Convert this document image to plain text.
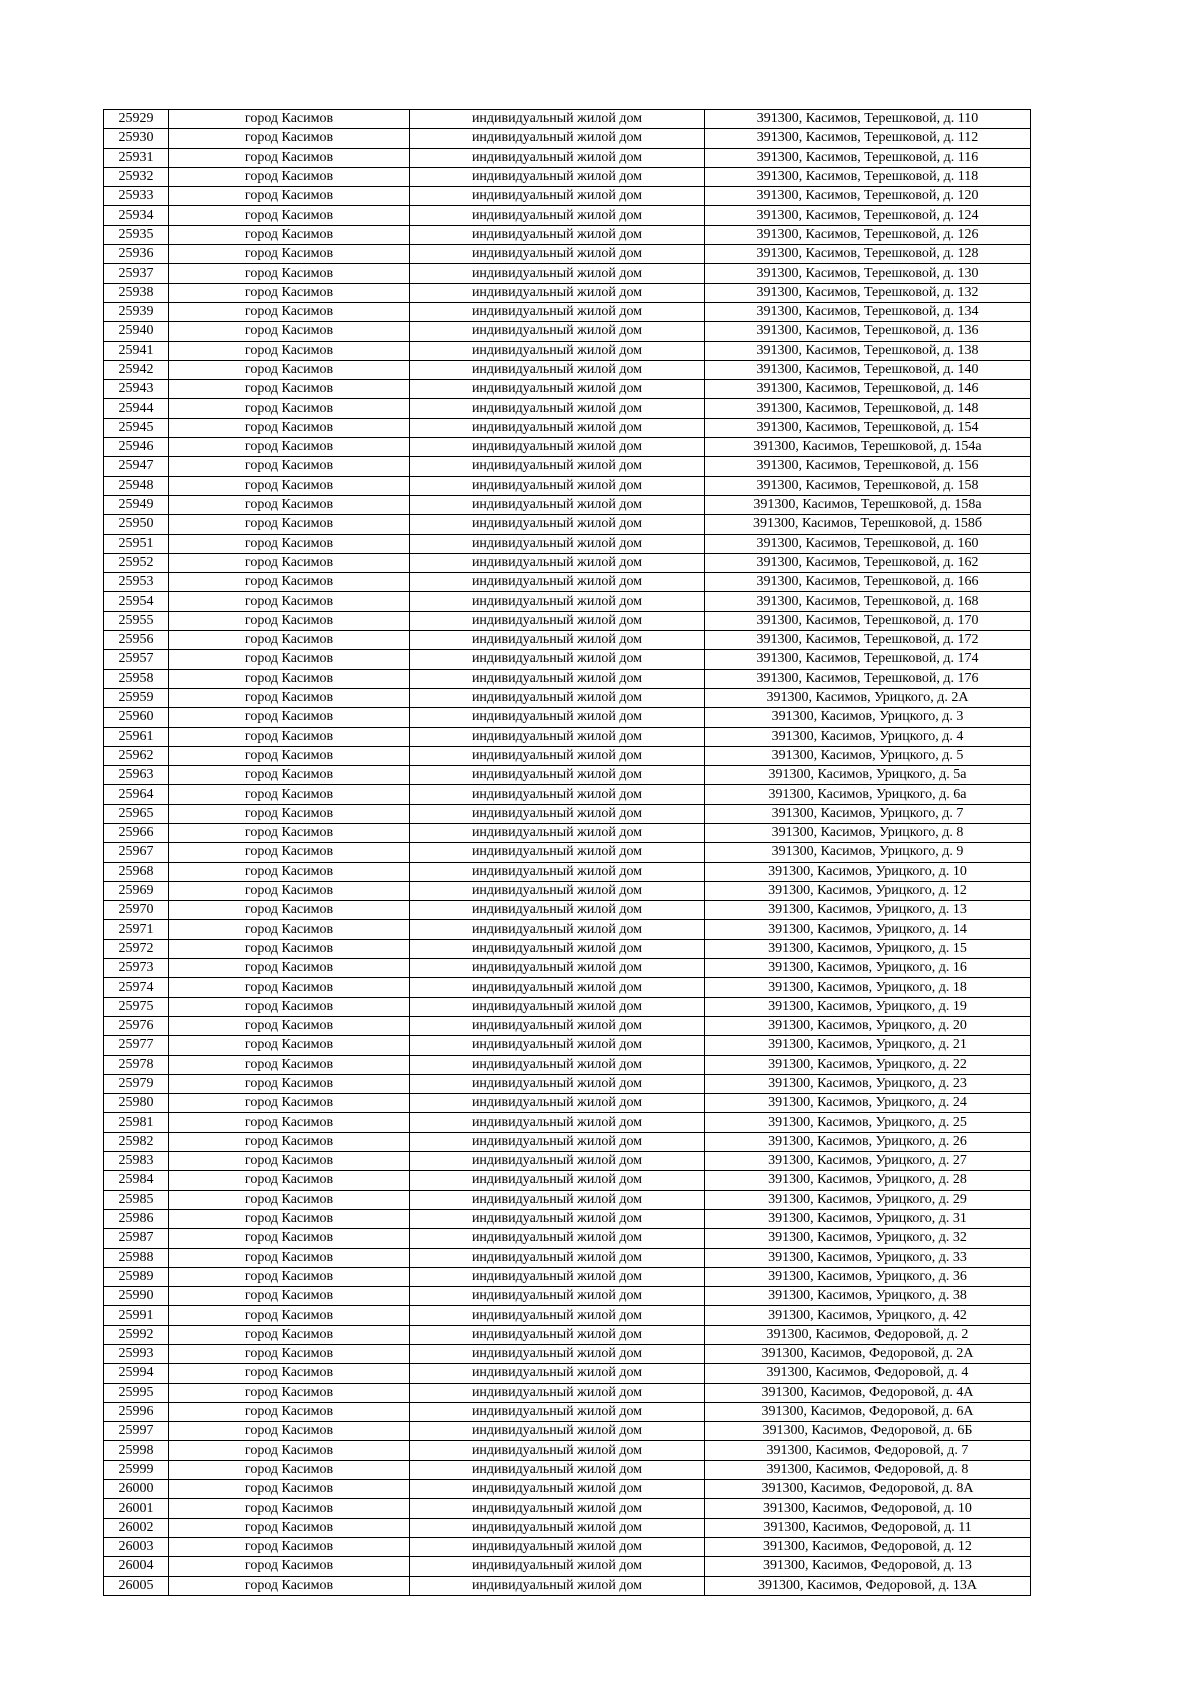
25929	город Касимов	индивидуальный жилой дом	391300, Касимов, Терешковой, д. 110
25930	город Касимов	индивидуальный жилой дом	391300, Касимов, Терешковой, д. 112
25931	город Касимов	индивидуальный жилой дом	391300, Касимов, Терешковой, д. 116
25932	город Касимов	индивидуальный жилой дом	391300, Касимов, Терешковой, д. 118
25933	город Касимов	индивидуальный жилой дом	391300, Касимов, Терешковой, д. 120
25934	город Касимов	индивидуальный жилой дом	391300, Касимов, Терешковой, д. 124
25935	город Касимов	индивидуальный жилой дом	391300, Касимов, Терешковой, д. 126
25936	город Касимов	индивидуальный жилой дом	391300, Касимов, Терешковой, д. 128
25937	город Касимов	индивидуальный жилой дом	391300, Касимов, Терешковой, д. 130
25938	город Касимов	индивидуальный жилой дом	391300, Касимов, Терешковой, д. 132
25939	город Касимов	индивидуальный жилой дом	391300, Касимов, Терешковой, д. 134
25940	город Касимов	индивидуальный жилой дом	391300, Касимов, Терешковой, д. 136
25941	город Касимов	индивидуальный жилой дом	391300, Касимов, Терешковой, д. 138
25942	город Касимов	индивидуальный жилой дом	391300, Касимов, Терешковой, д. 140
25943	город Касимов	индивидуальный жилой дом	391300, Касимов, Терешковой, д. 146
25944	город Касимов	индивидуальный жилой дом	391300, Касимов, Терешковой, д. 148
25945	город Касимов	индивидуальный жилой дом	391300, Касимов, Терешковой, д. 154
25946	город Касимов	индивидуальный жилой дом	391300, Касимов, Терешковой, д. 154а
25947	город Касимов	индивидуальный жилой дом	391300, Касимов, Терешковой, д. 156
25948	город Касимов	индивидуальный жилой дом	391300, Касимов, Терешковой, д. 158
25949	город Касимов	индивидуальный жилой дом	391300, Касимов, Терешковой, д. 158а
25950	город Касимов	индивидуальный жилой дом	391300, Касимов, Терешковой, д. 158б
25951	город Касимов	индивидуальный жилой дом	391300, Касимов, Терешковой, д. 160
25952	город Касимов	индивидуальный жилой дом	391300, Касимов, Терешковой, д. 162
25953	город Касимов	индивидуальный жилой дом	391300, Касимов, Терешковой, д. 166
25954	город Касимов	индивидуальный жилой дом	391300, Касимов, Терешковой, д. 168
25955	город Касимов	индивидуальный жилой дом	391300, Касимов, Терешковой, д. 170
25956	город Касимов	индивидуальный жилой дом	391300, Касимов, Терешковой, д. 172
25957	город Касимов	индивидуальный жилой дом	391300, Касимов, Терешковой, д. 174
25958	город Касимов	индивидуальный жилой дом	391300, Касимов, Терешковой, д. 176
25959	город Касимов	индивидуальный жилой дом	391300, Касимов, Урицкого, д. 2А
25960	город Касимов	индивидуальный жилой дом	391300, Касимов, Урицкого, д. 3
25961	город Касимов	индивидуальный жилой дом	391300, Касимов, Урицкого, д. 4
25962	город Касимов	индивидуальный жилой дом	391300, Касимов, Урицкого, д. 5
25963	город Касимов	индивидуальный жилой дом	391300, Касимов, Урицкого, д. 5а
25964	город Касимов	индивидуальный жилой дом	391300, Касимов, Урицкого, д. 6а
25965	город Касимов	индивидуальный жилой дом	391300, Касимов, Урицкого, д. 7
25966	город Касимов	индивидуальный жилой дом	391300, Касимов, Урицкого, д. 8
25967	город Касимов	индивидуальный жилой дом	391300, Касимов, Урицкого, д. 9
25968	город Касимов	индивидуальный жилой дом	391300, Касимов, Урицкого, д. 10
25969	город Касимов	индивидуальный жилой дом	391300, Касимов, Урицкого, д. 12
25970	город Касимов	индивидуальный жилой дом	391300, Касимов, Урицкого, д. 13
25971	город Касимов	индивидуальный жилой дом	391300, Касимов, Урицкого, д. 14
25972	город Касимов	индивидуальный жилой дом	391300, Касимов, Урицкого, д. 15
25973	город Касимов	индивидуальный жилой дом	391300, Касимов, Урицкого, д. 16
25974	город Касимов	индивидуальный жилой дом	391300, Касимов, Урицкого, д. 18
25975	город Касимов	индивидуальный жилой дом	391300, Касимов, Урицкого, д. 19
25976	город Касимов	индивидуальный жилой дом	391300, Касимов, Урицкого, д. 20
25977	город Касимов	индивидуальный жилой дом	391300, Касимов, Урицкого, д. 21
25978	город Касимов	индивидуальный жилой дом	391300, Касимов, Урицкого, д. 22
25979	город Касимов	индивидуальный жилой дом	391300, Касимов, Урицкого, д. 23
25980	город Касимов	индивидуальный жилой дом	391300, Касимов, Урицкого, д. 24
25981	город Касимов	индивидуальный жилой дом	391300, Касимов, Урицкого, д. 25
25982	город Касимов	индивидуальный жилой дом	391300, Касимов, Урицкого, д. 26
25983	город Касимов	индивидуальный жилой дом	391300, Касимов, Урицкого, д. 27
25984	город Касимов	индивидуальный жилой дом	391300, Касимов, Урицкого, д. 28
25985	город Касимов	индивидуальный жилой дом	391300, Касимов, Урицкого, д. 29
25986	город Касимов	индивидуальный жилой дом	391300, Касимов, Урицкого, д. 31
25987	город Касимов	индивидуальный жилой дом	391300, Касимов, Урицкого, д. 32
25988	город Касимов	индивидуальный жилой дом	391300, Касимов, Урицкого, д. 33
25989	город Касимов	индивидуальный жилой дом	391300, Касимов, Урицкого, д. 36
25990	город Касимов	индивидуальный жилой дом	391300, Касимов, Урицкого, д. 38
25991	город Касимов	индивидуальный жилой дом	391300, Касимов, Урицкого, д. 42
25992	город Касимов	индивидуальный жилой дом	391300, Касимов, Федоровой, д. 2
25993	город Касимов	индивидуальный жилой дом	391300, Касимов, Федоровой, д. 2А
25994	город Касимов	индивидуальный жилой дом	391300, Касимов, Федоровой, д. 4
25995	город Касимов	индивидуальный жилой дом	391300, Касимов, Федоровой, д. 4А
25996	город Касимов	индивидуальный жилой дом	391300, Касимов, Федоровой, д. 6А
25997	город Касимов	индивидуальный жилой дом	391300, Касимов, Федоровой, д. 6Б
25998	город Касимов	индивидуальный жилой дом	391300, Касимов, Федоровой, д. 7
25999	город Касимов	индивидуальный жилой дом	391300, Касимов, Федоровой, д. 8
26000	город Касимов	индивидуальный жилой дом	391300, Касимов, Федоровой, д. 8А
26001	город Касимов	индивидуальный жилой дом	391300, Касимов, Федоровой, д. 10
26002	город Касимов	индивидуальный жилой дом	391300, Касимов, Федоровой, д. 11
26003	город Касимов	индивидуальный жилой дом	391300, Касимов, Федоровой, д. 12
26004	город Касимов	индивидуальный жилой дом	391300, Касимов, Федоровой, д. 13
26005	город Касимов	индивидуальный жилой дом	391300, Касимов, Федоровой, д. 13А
